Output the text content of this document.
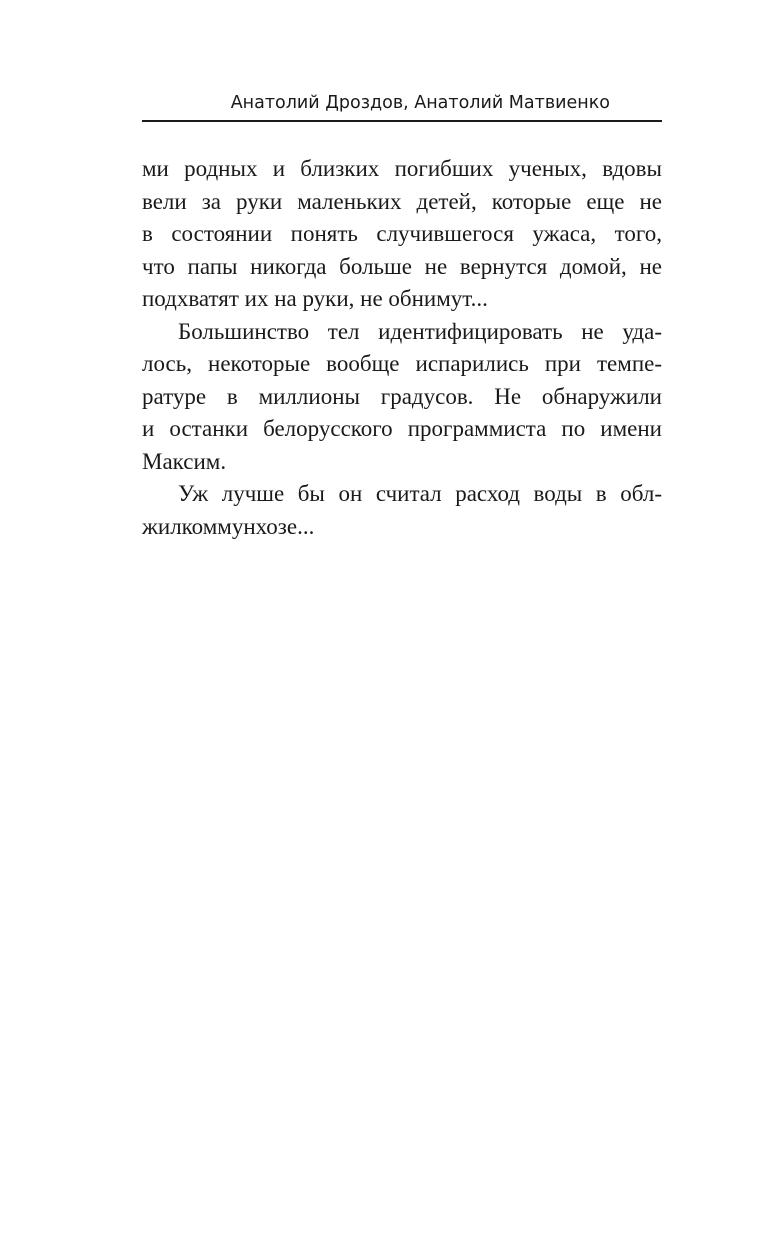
Анатолий Дроздов, Анатолий Матвиенко

ми родных и близких погибших ученых, вдовы
вели за руки маленьких детей, которые еще не
в состоянии понять случившегося ужаса, того,
что папы никогда больше не вернутся домой, не
подхватят их на руки, не обнимут...

Большинство тел идентифицировать не уда-
лось, некоторые вообще испарились при темпе-
ратуре в миллионы градусов. Не обнаружили
и останки белорусского программиста по имени
Максим.

Уж лучше бы он считал расход воды в обл-
жилкоммунхозе...
